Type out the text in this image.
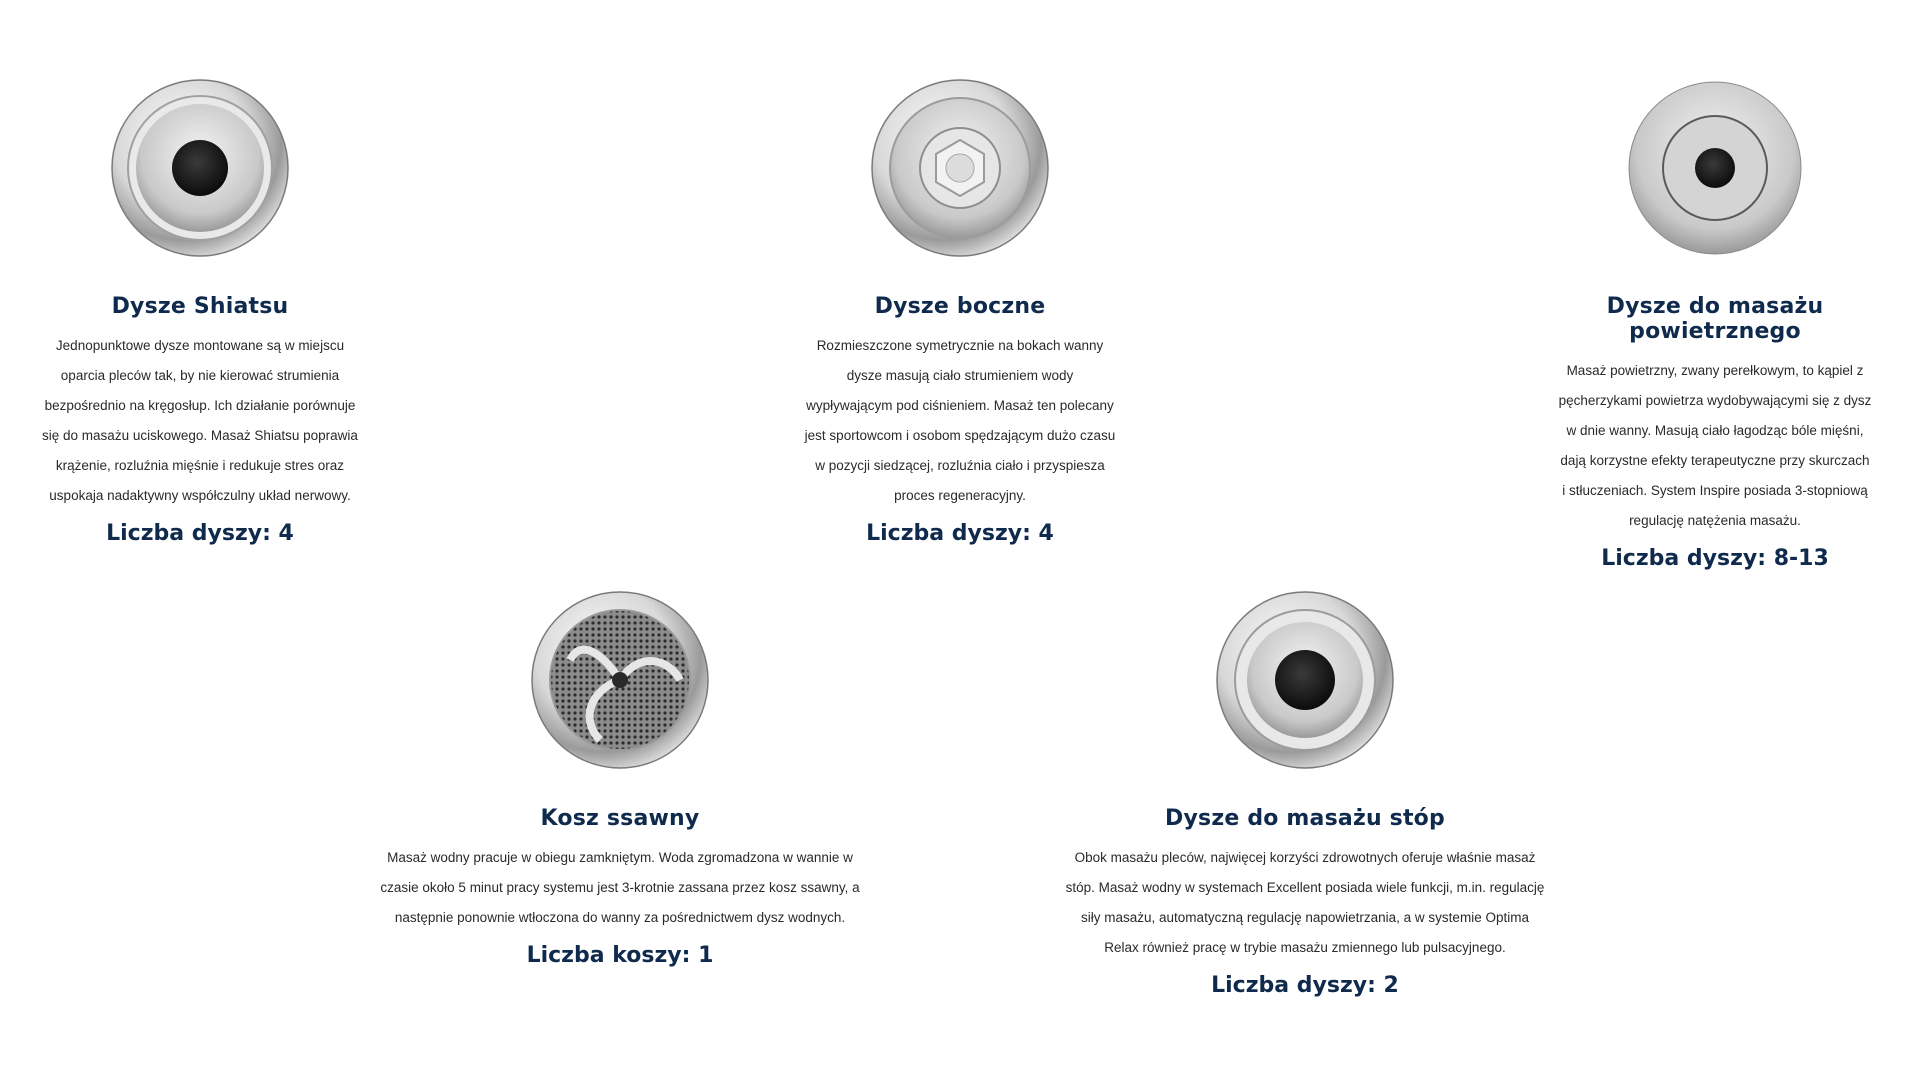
Dysze Shiatsu
Jednopunktowe dysze montowane są w miejscu
oparcia pleców tak, by nie kierować strumienia
bezpośrednio na kręgosłup. Ich działanie porównuje
się do masażu uciskowego. Masaż Shiatsu poprawia
krążenie, rozluźnia mięśnie i redukuje stres oraz
uspokaja nadaktywny współczulny układ nerwowy.
Liczba dyszy: 4
Dysze boczne
Rozmieszczone symetrycznie na bokach wanny
dysze masują ciało strumieniem wody
wypływającym pod ciśnieniem. Masaż ten polecany
jest sportowcom i osobom spędzającym dużo czasu
w pozycji siedzącej, rozluźnia ciało i przyspiesza
proces regeneracyjny.
Liczba dyszy: 4
Dysze do masażu powietrznego
Masaż powietrzny, zwany perełkowym, to kąpiel z
pęcherzykami powietrza wydobywającymi się z dysz
w dnie wanny. Masują ciało łagodząc bóle mięśni,
dają korzystne efekty terapeutyczne przy skurczach
i stłuczeniach. System Inspire posiada 3-stopniową
regulację natężenia masażu.
Liczba dyszy: 8-13
Kosz ssawny
Masaż wodny pracuje w obiegu zamkniętym. Woda zgromadzona w wannie w
czasie około 5 minut pracy systemu jest 3-krotnie zassana przez kosz ssawny, a
następnie ponownie wtłoczona do wanny za pośrednictwem dysz wodnych.
Liczba koszy: 1
Dysze do masażu stóp
Obok masażu pleców, najwięcej korzyści zdrowotnych oferuje właśnie masaż
stóp. Masaż wodny w systemach Excellent posiada wiele funkcji, m.in. regulację
siły masażu, automatyczną regulację napowietrzania, a w systemie Optima
Relax również pracę w trybie masażu zmiennego lub pulsacyjnego.
Liczba dyszy: 2
